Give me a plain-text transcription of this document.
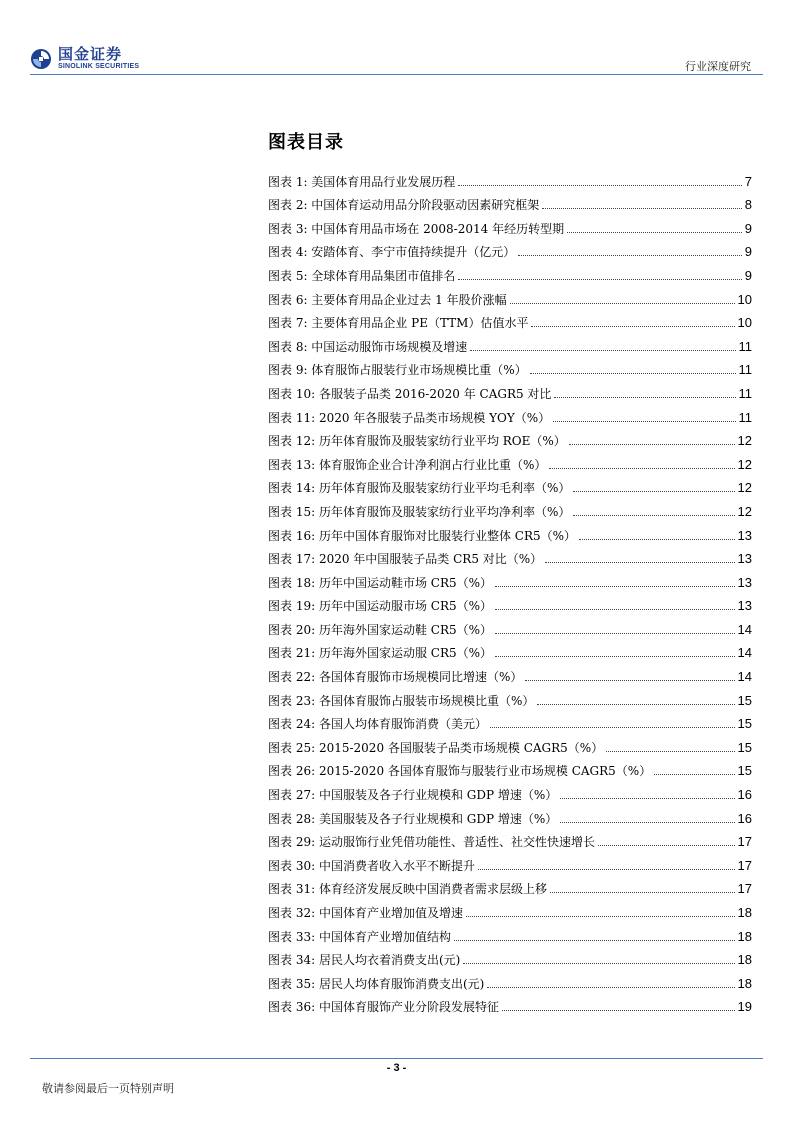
国金证券
SINOLINK SECURITIES	行业深度研究
图表目录
图表 1: 美国体育用品行业发展历程	7
图表 2: 中国体育运动用品分阶段驱动因素研究框架	8
图表 3: 中国体育用品市场在 2008-2014 年经历转型期	9
图表 4: 安踏体育、李宁市值持续提升（亿元）	9
图表 5: 全球体育用品集团市值排名	9
图表 6: 主要体育用品企业过去 1 年股价涨幅	10
图表 7: 主要体育用品企业 PE（TTM）估值水平	10
图表 8: 中国运动服饰市场规模及增速	11
图表 9: 体育服饰占服装行业市场规模比重（%）	11
图表 10: 各服装子品类 2016-2020 年 CAGR5 对比	11
图表 11: 2020 年各服装子品类市场规模 YOY（%）	11
图表 12: 历年体育服饰及服装家纺行业平均 ROE（%）	12
图表 13: 体育服饰企业合计净利润占行业比重（%）	12
图表 14: 历年体育服饰及服装家纺行业平均毛利率（%）	12
图表 15: 历年体育服饰及服装家纺行业平均净利率（%）	12
图表 16: 历年中国体育服饰对比服装行业整体 CR5（%）	13
图表 17: 2020 年中国服装子品类 CR5 对比（%）	13
图表 18: 历年中国运动鞋市场 CR5（%）	13
图表 19: 历年中国运动服市场 CR5（%）	13
图表 20: 历年海外国家运动鞋 CR5（%）	14
图表 21: 历年海外国家运动服 CR5（%）	14
图表 22: 各国体育服饰市场规模同比增速（%）	14
图表 23: 各国体育服饰占服装市场规模比重（%）	15
图表 24: 各国人均体育服饰消费（美元）	15
图表 25: 2015-2020 各国服装子品类市场规模 CAGR5（%）	15
图表 26: 2015-2020 各国体育服饰与服装行业市场规模 CAGR5（%）	15
图表 27: 中国服装及各子行业规模和 GDP 增速（%）	16
图表 28: 美国服装及各子行业规模和 GDP 增速（%）	16
图表 29: 运动服饰行业凭借功能性、普适性、社交性快速增长	17
图表 30: 中国消费者收入水平不断提升	17
图表 31: 体育经济发展反映中国消费者需求层级上移	17
图表 32: 中国体育产业增加值及增速	18
图表 33: 中国体育产业增加值结构	18
图表 34: 居民人均衣着消费支出(元)	18
图表 35: 居民人均体育服饰消费支出(元)	18
图表 36: 中国体育服饰产业分阶段发展特征	19
- 3 -
敬请参阅最后一页特别声明
